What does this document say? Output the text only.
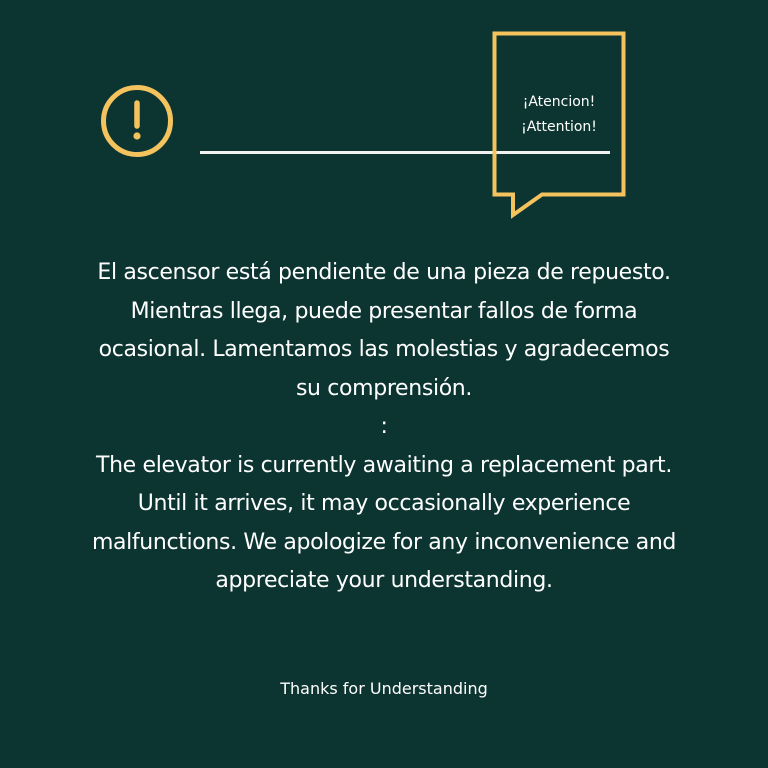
¡Atencion!
¡Attention!
El ascensor está pendiente de una pieza de repuesto. Mientras llega, puede presentar fallos de forma ocasional. Lamentamos las molestias y agradecemos su comprensión.
:
The elevator is currently awaiting a replacement part. Until it arrives, it may occasionally experience malfunctions. We apologize for any inconvenience and appreciate your understanding.
Thanks for Understanding
